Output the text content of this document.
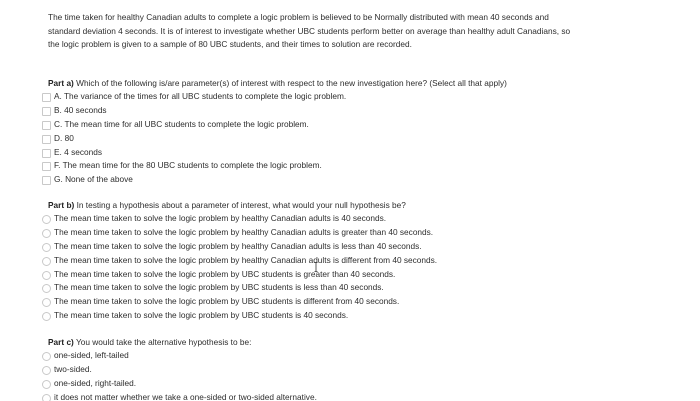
The time taken for healthy Canadian adults to complete a logic problem is believed to be Normally distributed with mean 40 seconds and
standard deviation 4 seconds. It is of interest to investigate whether UBC students perform better on average than healthy adult Canadians, so
the logic problem is given to a sample of 80 UBC students, and their times to solution are recorded.
Part a) Which of the following is/are parameter(s) of interest with respect to the new investigation here? (Select all that apply)
A. The variance of the times for all UBC students to complete the logic problem.
B. 40 seconds
C. The mean time for all UBC students to complete the logic problem.
D. 80
E. 4 seconds
F. The mean time for the 80 UBC students to complete the logic problem.
G. None of the above
Part b) In testing a hypothesis about a parameter of interest, what would your null hypothesis be?
The mean time taken to solve the logic problem by healthy Canadian adults is 40 seconds.
The mean time taken to solve the logic problem by healthy Canadian adults is greater than 40 seconds.
The mean time taken to solve the logic problem by healthy Canadian adults is less than 40 seconds.
The mean time taken to solve the logic problem by healthy Canadian adults is different from 40 seconds.
The mean time taken to solve the logic problem by UBC students is greater than 40 seconds.
The mean time taken to solve the logic problem by UBC students is less than 40 seconds.
The mean time taken to solve the logic problem by UBC students is different from 40 seconds.
The mean time taken to solve the logic problem by UBC students is 40 seconds.
Part c) You would take the alternative hypothesis to be:
one-sided, left-tailed
two-sided.
one-sided, right-tailed.
it does not matter whether we take a one-sided or two-sided alternative.
